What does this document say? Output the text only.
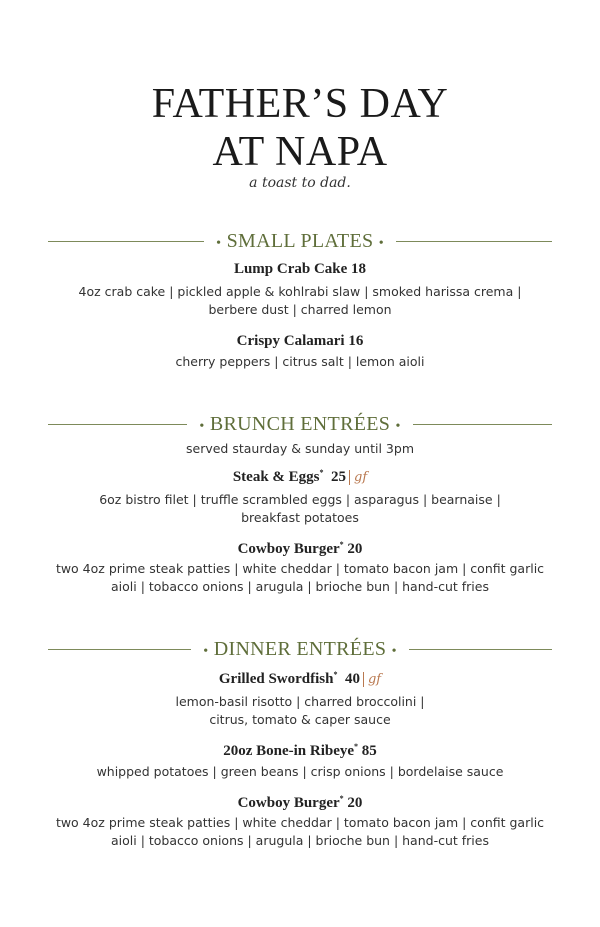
FATHER’S DAY
AT NAPA
a toast to dad.
• SMALL PLATES •
Lump Crab Cake 18
4oz crab cake | pickled apple & kohlrabi slaw | smoked harissa crema |
berbere dust | charred lemon
Crispy Calamari 16
cherry peppers | citrus salt | lemon aioli
• BRUNCH ENTRÉES •
served staurday & sunday until 3pm
Steak & Eggs* 25 gf
6oz bistro filet | truffle scrambled eggs | asparagus | bearnaise |
breakfast potatoes
Cowboy Burger* 20
two 4oz prime steak patties | white cheddar | tomato bacon jam | confit garlic
aioli | tobacco onions | arugula | brioche bun | hand-cut fries
• DINNER ENTRÉES •
Grilled Swordfish* 40 gf
lemon-basil risotto | charred broccolini |
citrus, tomato & caper sauce
20oz Bone-in Ribeye* 85
whipped potatoes | green beans | crisp onions | bordelaise sauce
Cowboy Burger* 20
two 4oz prime steak patties | white cheddar | tomato bacon jam | confit garlic
aioli | tobacco onions | arugula | brioche bun | hand-cut fries
